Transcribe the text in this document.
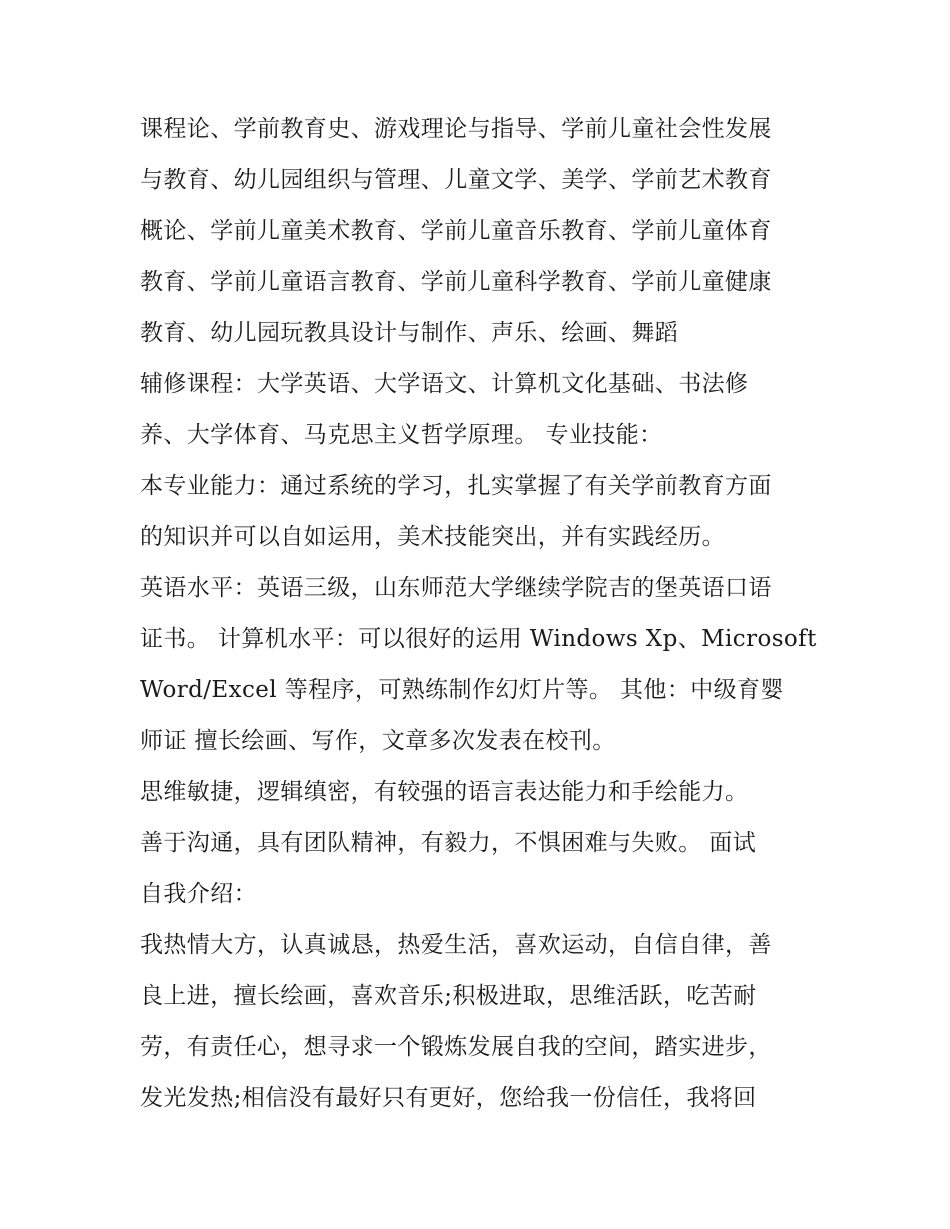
课程论、学前教育史、游戏理论与指导、学前儿童社会性发展
与教育、幼儿园组织与管理、儿童文学、美学、学前艺术教育
概论、学前儿童美术教育、学前儿童音乐教育、学前儿童体育
教育、学前儿童语言教育、学前儿童科学教育、学前儿童健康
教育、幼儿园玩教具设计与制作、声乐、绘画、舞蹈
辅修课程：大学英语、大学语文、计算机文化基础、书法修
养、大学体育、马克思主义哲学原理。 专业技能：
本专业能力：通过系统的学习，扎实掌握了有关学前教育方面
的知识并可以自如运用，美术技能突出，并有实践经历。
英语水平：英语三级，山东师范大学继续学院吉的堡英语口语
证书。 计算机水平：可以很好的运用 Windows Xp、Microsoft
Word/Excel 等程序，可熟练制作幻灯片等。 其他：中级育婴
师证 擅长绘画、写作，文章多次发表在校刊。
思维敏捷，逻辑缜密，有较强的语言表达能力和手绘能力。
善于沟通，具有团队精神，有毅力，不惧困难与失败。 面试
自我介绍：
我热情大方，认真诚恳，热爱生活，喜欢运动，自信自律，善
良上进，擅长绘画，喜欢音乐;积极进取，思维活跃，吃苦耐
劳，有责任心，想寻求一个锻炼发展自我的空间，踏实进步，
发光发热;相信没有最好只有更好，您给我一份信任，我将回
